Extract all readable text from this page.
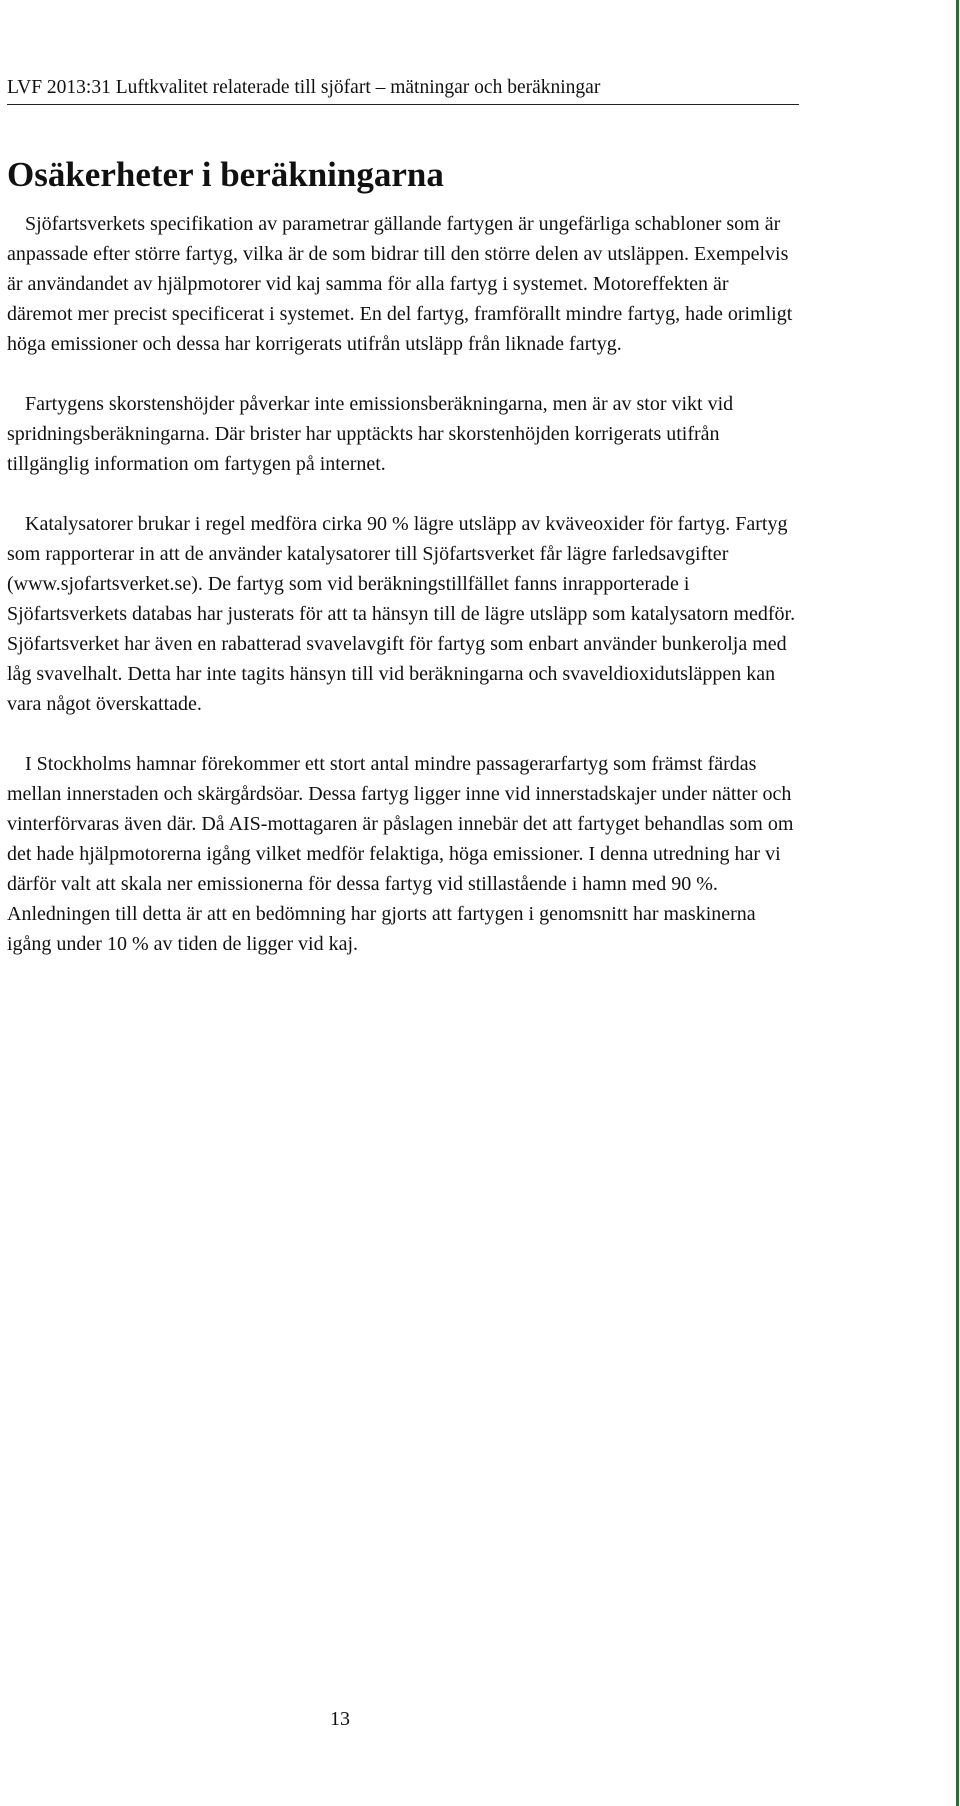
LVF 2013:31 Luftkvalitet relaterade till sjöfart – mätningar och beräkningar
Osäkerheter i beräkningarna

Sjöfartsverkets specifikation av parametrar gällande fartygen är ungefärliga schabloner som är anpassade efter större fartyg, vilka är de som bidrar till den större delen av utsläppen. Exempelvis är användandet av hjälpmotorer vid kaj samma för alla fartyg i systemet. Motoreffekten är däremot mer precist specificerat i systemet. En del fartyg, framförallt mindre fartyg, hade orimligt höga emissioner och dessa har korrigerats utifrån utsläpp från liknade fartyg.

Fartygens skorstenshöjder påverkar inte emissionsberäkningarna, men är av stor vikt vid spridningsberäkningarna. Där brister har upptäckts har skorstenhöjden korrigerats utifrån tillgänglig information om fartygen på internet.

Katalysatorer brukar i regel medföra cirka 90 % lägre utsläpp av kväveoxider för fartyg. Fartyg som rapporterar in att de använder katalysatorer till Sjöfartsverket får lägre farledsavgifter (www.sjofartsverket.se). De fartyg som vid beräkningstillfället fanns inrapporterade i Sjöfartsverkets databas har justerats för att ta hänsyn till de lägre utsläpp som katalysatorn medför. Sjöfartsverket har även en rabatterad svavelavgift för fartyg som enbart använder bunkerolja med låg svavelhalt. Detta har inte tagits hänsyn till vid beräkningarna och svaveldioxidutsläppen kan vara något överskattade.

I Stockholms hamnar förekommer ett stort antal mindre passagerarfartyg som främst färdas mellan innerstaden och skärgårdsöar. Dessa fartyg ligger inne vid innerstadskajer under nätter och vinterförvaras även där. Då AIS-mottagaren är påslagen innebär det att fartyget behandlas som om det hade hjälpmotorerna igång vilket medför felaktiga, höga emissioner. I denna utredning har vi därför valt att skala ner emissionerna för dessa fartyg vid stillastående i hamn med 90 %. Anledningen till detta är att en bedömning har gjorts att fartygen i genomsnitt har maskinerna igång under 10 % av tiden de ligger vid kaj.

13
